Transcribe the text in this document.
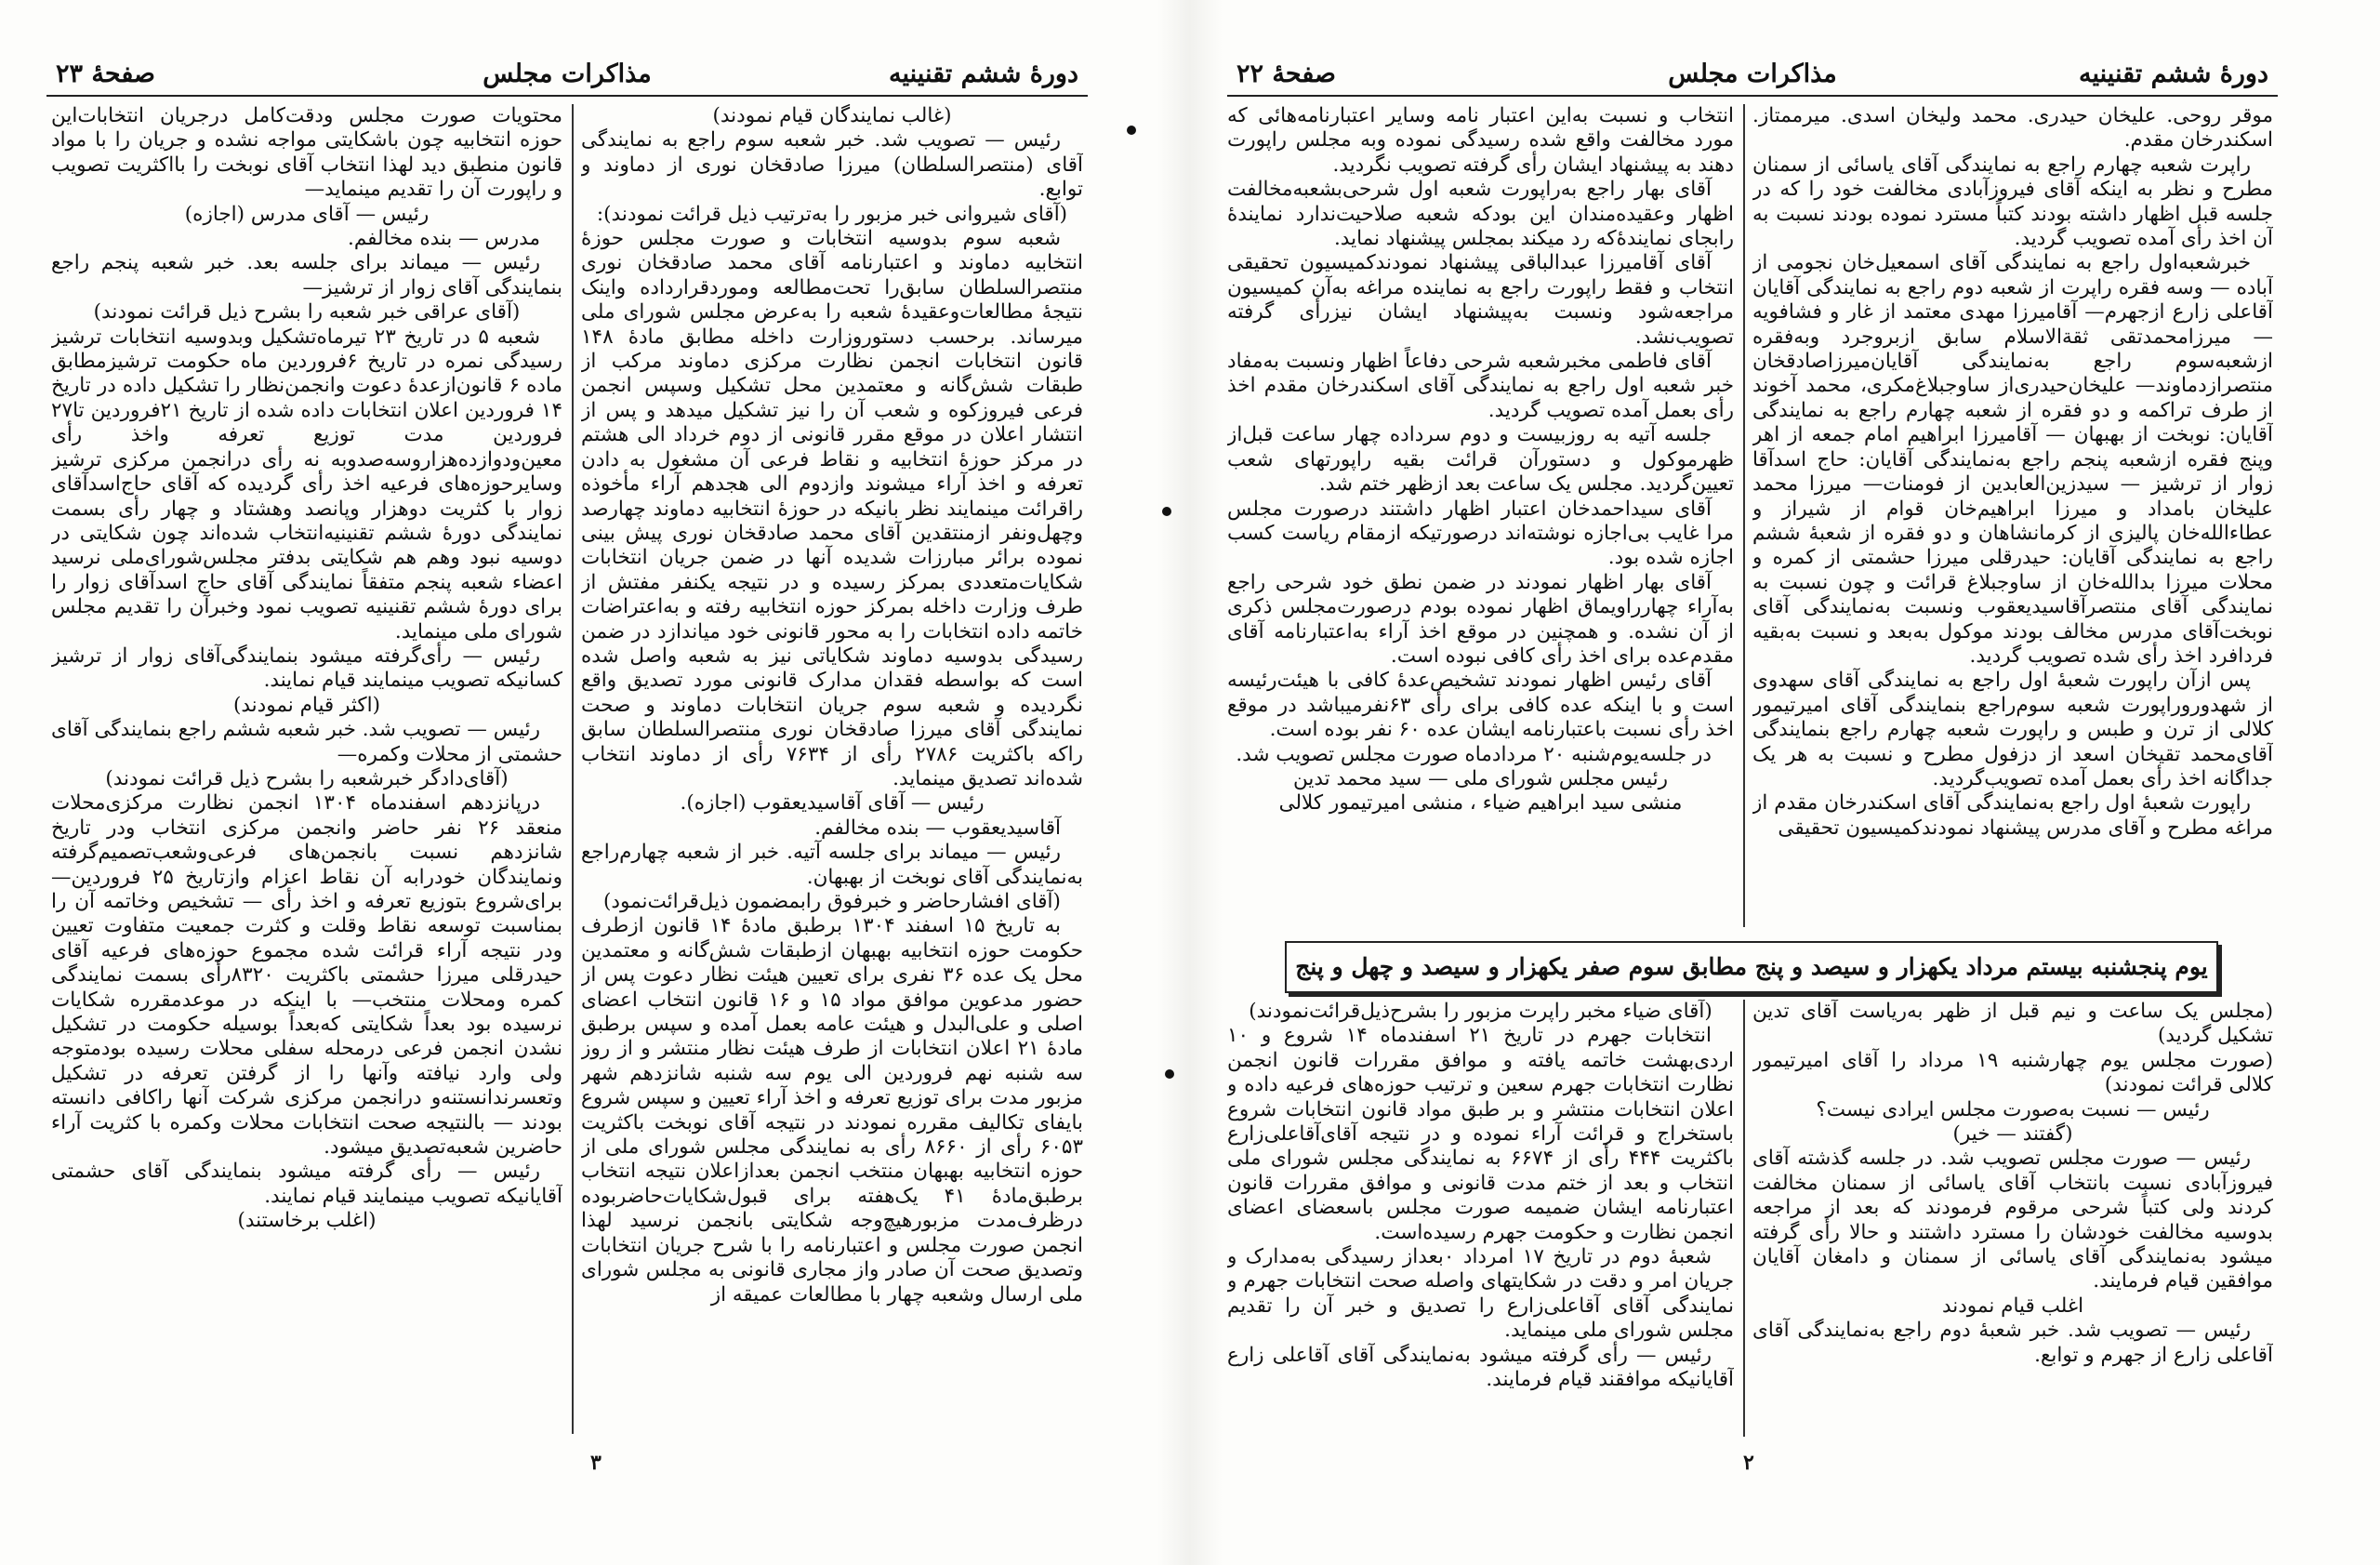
دورهٔ ششم تقنینیه
مذاکرات مجلس
صفحهٔ ۲۳

(غالب نمایندگان قیام نمودند)

رئیس — تصویب شد. خبر شعبه سوم راجع به نمایندگی آقای (منتصرالسلطان) میرزا صادقخان نوری از دماوند و توابع.

(آقای شیروانی خبر مزبور را به‌ترتیب ذیل قرائت نمودند):

شعبه سوم بدوسیه انتخابات و صورت مجلس حوزهٔ انتخابیه دماوند و اعتبارنامه آقای محمد صادقخان نوری منتصرالسلطان سابق‌را تحت‌مطالعه ومورد‌قرارداده واینک نتیجهٔ مطالعات‌وعقیدهٔ شعبه را به‌عرض مجلس شورای ملی میرساند. برحسب دستوروزارت داخله مطابق مادهٔ ۱۴۸ قانون انتخابات انجمن نظارت مرکزی دماوند مرکب از طبقات شش‌گانه و معتمدین محل تشکیل وسپس انجمن فرعی فیروزکوه و شعب آن را نیز تشکیل میدهد و پس از انتشار اعلان در موقع مقرر قانونی از دوم خرداد الی هشتم در مرکز حوزهٔ انتخابیه و نقاط فرعی آن مشغول به دادن تعرفه و اخذ آراء میشوند وازدوم الی هجدهم آراء مأخوذه راقرائت مینمایند نظر بانیکه در حوزهٔ انتخابیه دماوند چهارصد وچهل‌ونفر ازمنتقدین آقای محمد صادقخان نوری پیش بینی نموده برائر مبارزات شدیده آنها در ضمن جریان انتخابات شکایات‌متعددی بمرکز رسیده و در نتیجه یکنفر مفتش از طرف وزارت داخله بمرکز حوزه انتخابیه رفته و به‌اعتراضات خاتمه داده انتخابات را به محور قانونی خود میاندازد در ضمن رسیدگی بدوسیه دماوند شکایاتی نیز به شعبه واصل شده است که بواسطه فقدان مدارک قانونی مورد تصدیق واقع نگردیده و شعبه سوم جریان انتخابات دماوند و صحت نمایندگی آقای میرزا صادقخان نوری منتصرالسلطان سابق راکه باکثریت ۲۷۸۶ رأی از ۷۶۳۴ رأی از دماوند انتخاب شده‌اند تصدیق مینماید.

رئیس — آقای آقاسیدیعقوب (اجازه).

آقاسیدیعقوب — بنده مخالفم.

رئیس — میماند برای جلسه آتیه. خبر از شعبه چهارم‌راجع به‌نمایندگی آقای نوبخت از بهبهان.

(آقای افشارحاضر و خبرفوق رابمضمون ذیل‌قرائت‌نمود)

به تاریخ ۱۵ اسفند ۱۳۰۴ برطبق مادهٔ ۱۴ قانون ازطرف حکومت حوزه انتخابیه بهبهان ازطبقات شش‌گانه و معتمدین محل یک عده ۳۶ نفری برای تعیین هیئت نظار دعوت پس از حضور مدعوین موافق مواد ۱۵ و ۱۶ قانون انتخاب اعضای اصلی و علی‌البدل و هیئت عامه بعمل آمده و سپس برطبق مادهٔ ۲۱ اعلان انتخابات از طرف هیئت نظار منتشر و از روز سه شنبه نهم فروردین الی یوم سه شنبه شانزدهم شهر مزبور مدت برای توزیع تعرفه و اخذ آراء تعیین و سپس شروع بایفای تکالیف مقرره نمودند در نتیجه آقای نوبخت باکثریت ۶۰۵۳ رأی از ۸۶۶۰ رأی به نمایندگی مجلس شورای ملی از حوزه انتخابیه بهبهان منتخب انجمن بعدازاعلان نتیجه انتخاب برطبق‌مادهٔ ۴۱ یک‌هفته برای قبول‌شکایات‌حاضربوده درظرف‌مدت مزبورهیچ‌وجه شکایتی بانجمن نرسید لهذا انجمن صورت مجلس و اعتبارنامه را با شرح جریان انتخابات وتصدیق صحت آن صادر واز مجاری قانونی به مجلس شورای ملی ارسال وشعبه چهار با مطالعات عمیقه از

محتویات صورت مجلس ودقت‌کامل درجریان انتخابات‌این حوزه انتخابیه چون باشکایتی مواجه نشده و جریان را با مواد قانون منطبق دید لهذا انتخاب آقای نوبخت را بااکثریت تصویب و راپورت آن را تقدیم مینماید—

رئیس — آقای مدرس (اجازه)

مدرس — بنده مخالفم.

رئیس — میماند برای جلسه بعد. خبر شعبه پنجم راجع بنمایندگی آقای زوار از ترشیز—

(آقای عراقی خبر شعبه را بشرح ذیل قرائت نمودند)

شعبه ۵ در تاریخ ۲۳ تیرماه‌تشکیل وبدوسیه انتخابات ترشیز رسیدگی نمره در تاریخ ۶فروردین ماه حکومت ترشیزمطابق ماده ۶ قانون‌ازعدهٔ دعوت وانجمن‌نظار را تشکیل داده در تاریخ ۱۴ فروردین اعلان انتخابات داده شده از تاریخ ۲۱فروردین تا۲۷ فروردین مدت توزیع تعرفه واخذ رأی معین‌ودوازده‌هزاروسه‌صدوبه نه رأی درانجمن مرکزی ترشیز وسایرحوزه‌های فرعیه اخذ رأی گردیده که آقای حاج‌اسدآقای زوار با کثریت دوهزار وپانصد وهشتاد و چهار رأی بسمت نمایندگی دورهٔ ششم تقنینیه‌انتخاب شده‌اند چون شکایتی در دوسیه نبود وهم هم شکایتی بدفتر مجلس‌شورای‌ملی نرسید اعضاء شعبه پنجم متفقاً نمایندگی آقای حاج اسدآقای زوار را برای دورهٔ ششم تقنینیه تصویب نمود وخبرآن را تقدیم مجلس شورای ملی مینماید.

رئیس — رأی‌گرفته میشود بنمایندگی‌آقای زوار از ترشیز کسانیکه تصویب مینمایند قیام نمایند.

(اکثر قیام نمودند)

رئیس — تصویب شد. خبر شعبه ششم راجع بنمایندگی آقای حشمتی از محلات وکمره—

(آقای‌دادگر خبرشعبه را بشرح ذیل قرائت نمودند)

درپانزدهم اسفندماه ۱۳۰۴ انجمن نظارت مرکزی‌محلات منعقد ۲۶ نفر حاضر وانجمن مرکزی انتخاب ودر تاریخ شانزدهم نسبت بانجمن‌های فرعی‌وشعب‌تصمیم‌گرفته ونمایندگان خودرابه آن نقاط اعزام واز‌تاریخ ۲۵ فروردین— برای‌شروع بتوزیع تعرفه و اخذ رأی — تشخیص وخاتمه آن را بمناسبت توسعه نقاط وقلت و کثرت جمعیت متفاوت تعیین ودر نتیجه آراء قرائت شده مجموع حوزه‌های فرعیه آقای حیدرقلی میرزا حشمتی باکثریت ۸۳۲۰رأی بسمت نمایندگی کمره ومحلات منتخب— با اینکه در موعدمقرره شکایات نرسیده بود بعداً شکایتی که‌بعداً بوسیله حکومت در تشکیل نشدن انجمن فرعی درمحله سفلی محلات رسیده بودمتوجه ولی وارد نیافته وآنها را از گرفتن تعرفه در تشکیل وتعسرندانستنه‌و درانجمن مرکزی شرکت آنها راکافی دانسته بودند — بالنتیجه صحت انتخابات محلات وکمره با کثریت آراء حاضرین شعبه‌تصدیق میشود.

رئیس — رأی گرفته میشود بنمایندگی آقای حشمتی آقایانیکه تصویب مینمایند قیام نمایند.

(اغلب برخاستند)

۳
دورهٔ ششم تقنینیه
مذاکرات مجلس
صفحهٔ ۲۲

موقر روحی. علیخان حیدری. محمد ولیخان اسدی. میرممتاز. اسکندرخان مقدم.

راپرت شعبه چهارم راجع به نمایندگی آقای یاسائی از سمنان مطرح و نظر به اینکه آقای فیروزآبادی مخالفت خود را که در جلسه قبل اظهار داشته بودند کتباً مسترد نموده بودند نسبت به آن اخذ رأی آمده تصویب گردید.

خبرشعبه‌اول راجع به نمایندگی آقای اسمعیل‌خان نجومی از آباده — وسه فقره راپرت از شعبه دوم راجع به نمایندگی آقایان آقاعلی زارع ازجهرم— آقامیرزا مهدی معتمد از غار و فشافویه — میرزامحمدتقی ثقةالاسلام سابق ازبروجرد وبه‌فقره ازشعبه‌سوم راجع به‌نمایندگی آقایان‌میرزاصادقخان منتصرازدماوند— علیخان‌حیدری‌از ساوجبلاغ‌مکری، محمد آخوند از طرف تراکمه و دو فقره از شعبه چهارم راجع به نمایندگی آقایان: نوبخت از بهبهان — آقامیرزا ابراهیم امام جمعه از اهر وپنج فقره ازشعبه پنجم راجع به‌نمایندگی آقایان: حاج اسدآقا زوار از ترشیز — سیدزین‌العابدین از فومنات— میرزا محمد علیخان بامداد و میرزا ابراهیم‌خان قوام از شیراز و عطاءالله‌خان پالیزی از کرمانشاهان و دو فقره از شعبهٔ ششم راجع به نمایندگی آقایان: حیدرقلی میرزا حشمتی از کمره و محلات میرزا بدالله‌خان از ساوجبلاغ قرائت و چون نسبت به نمایندگی آقای منتصرآقاسیدیعقوب ونسبت به‌نمایندگی آقای نوبخت‌آقای مدرس مخالف بودند موکول به‌بعد و نسبت به‌بقیه فردافرد اخذ رأی شده تصویب گردید.

پس ازآن راپورت شعبهٔ اول راجع به نمایندگی آقای سهدوی از شهدور‌وراپورت شعبه سوم‌راجع بنمایندگی آقای امیرتیمور کلالی از ترن و طبس و راپورت شعبه چهارم راجع بنمایندگی آقای‌محمد تقیخان اسعد از دزفول مطرح و نسبت به هر یک جداگانه اخذ رأی بعمل آمده تصویب‌گردید.

راپورت شعبهٔ اول راجع به‌نمایندگی آقای اسکندرخان مقدم از مراغه مطرح و آقای مدرس پیشنهاد نمودند‌کمیسیون تحقیقی

انتخاب و نسبت به‌این اعتبار نامه وسایر اعتبارنامه‌هائی که مورد مخالفت واقع شده رسیدگی نموده وبه مجلس راپورت دهند به پیشنهاد ایشان رأی گرفته تصویب نگردید.

آقای بهار راجع به‌راپورت شعبه اول شرحی‌بشعبه‌مخالفت اظهار وعقیده‌مندان این بودکه شعبه صلاحیت‌ندارد نمایندهٔ رابجای نمایندهٔ‌که رد میکند بمجلس پیشنهاد نماید.

آقای آقامیرزا عبدالباقی پیشنهاد نمودند‌کمیسیون تحقیقی انتخاب و فقط راپورت راجع به نماینده مراغه به‌آن کمیسیون مراجعه‌شود ونسبت به‌پیشنهاد ایشان نیزرأی گرفته تصویب‌نشد.

آقای فاطمی مخبرشعبه شرحی دفاعاً اظهار ونسبت به‌مفاد خبر شعبه اول راجع به نمایندگی آقای اسکندرخان مقدم اخذ رأی بعمل آمده تصویب گردید.

جلسه آتیه به روزبیست و دوم سرداده چهار ساعت قبل‌از ظهرموکول و دستورآن قرائت بقیه راپورتهای شعب تعیین‌گردید. مجلس یک ساعت بعد ازظهر ختم شد.

آقای سیداحمدخان اعتبار اظهار داشتند درصورت مجلس مرا غایب بی‌اجازه نوشته‌اند درصورتیکه ازمقام ریاست کسب اجازه شده بود.

آقای بهار اظهار نمودند در ضمن نطق خود شرحی راجع به‌آراء چهارراویماق اظهار نموده بودم درصورت‌مجلس ذکری از آن نشده. و همچنین در موقع اخذ آراء به‌اعتبارنامه آقای مقدم‌عده برای اخذ رأی کافی نبوده است.

آقای رئیس اظهار نمودند تشخیص‌عدهٔ کافی با هیئت‌رئیسه است و با اینکه عده کافی برای رأی ۶۳نفرمیباشد در موقع اخذ رأی نسبت باعتبارنامه ایشان عده ۶۰ نفر بوده است.

در جلسه‌یوم‌شنبه ۲۰ مرداد‌ماه صورت مجلس تصویب شد.

رئیس مجلس شورای ملی — سید محمد تدین

منشی سید ابراهیم ضیاء ، منشی امیرتیمور کلالی

یوم پنجشنبه بیستم مرداد یکهزار و سیصد و پنج مطابق سوم صفر یکهزار و سیصد و چهل و پنج

(مجلس یک ساعت و نیم قبل از ظهر به‌ریاست آقای تدین تشکیل گردید)

(صورت مجلس یوم چهارشنبه ۱۹ مرداد را آقای امیرتیمور کلالی قرائت نمودند)

رئیس — نسبت به‌صورت مجلس ایرادی نیست؟

(گفتند — خیر)

رئیس — صورت مجلس تصویب شد. در جلسه گذشته آقای فیروزآبادی نسبت بانتخاب آقای یاسائی از سمنان مخالفت کردند ولی کتباً شرحی مرقوم فرمودند که بعد از مراجعه بدوسیه مخالفت خودشان را مسترد داشتند و حالا رأی گرفته میشود به‌نمایندگی آقای یاسائی از سمنان و دامغان آقایان موافقین قیام فرمایند.

اغلب قیام نمودند

رئیس — تصویب شد. خبر شعبهٔ دوم راجع به‌نمایندگی آقای آقاعلی زارع از جهرم و توابع.

(آقای ضیاء مخبر راپرت مزبور را بشرح‌ذیل‌قرائت‌نمودند)

انتخابات جهرم در تاریخ ۲۱ اسفندماه ۱۴ شروع و ۱۰ اردی‌بهشت خاتمه یافته و موافق مقررات قانون انجمن نظارت انتخابات جهرم سعین و ترتیب حوزه‌های فرعیه داده و اعلان انتخابات منتشر و بر طبق مواد قانون انتخابات شروع باستخراج و قرائت آراء نموده و در نتیجه آقای‌آقاعلی‌زارع باکثریت ۴۴۴ رأی از ۶۶۷۴ به نمایندگی مجلس شورای ملی انتخاب و بعد از ختم مدت قانونی و موافق مقررات قانون اعتبارنامه ایشان ضمیمه صورت مجلس باسعضای اعضای انجمن نظارت و حکومت جهرم رسیده‌است.

شعبهٔ دوم در تاریخ ۱۷ امرداد ۰بعداز رسیدگی به‌مدارک و جریان امر و دقت در شکایتهای واصله صحت انتخابات جهرم و نمایندگی آقای آقاعلی‌زارع را تصدیق و خبر آن را تقدیم مجلس شورای ملی مینماید.

رئیس — رأی گرفته میشود به‌نمایندگی آقای آقاعلی زارع آقایانیکه موافقند قیام فرمایند.

۲
